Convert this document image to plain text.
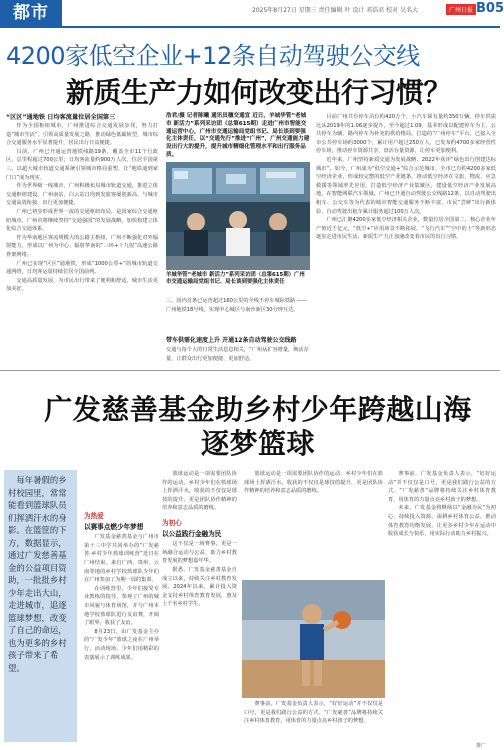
都市	2025年8月27日 星期三 责任编辑 叶 设计 邓浩君 校对 吴名大	广州日报 B05
4200家低空企业+12条自动驾驶公交线
新质生产力如何改变出行习惯？
“区区”通地铁 日均客流量位居全国第三

作为全国枢纽城市，广州推进综合交通发展步伐，努力打造”城市生活”。引领高质量发展之路，推动绿色低碳转型，城市综合交通服务水平显著提升，居民出行日益便捷。

目前，广州已开通运营地铁线路19条，覆盖全市11个行政区，总里程超过700公里；日均客流量约900万人次，位居全国第三。以超大城市轨道交通系统引领城市格局重塑，让“地铁通到家门口”成为现实。

作为世界级一线城市，广州积极布局城市轨道交通，推进立体交通枢纽建设。广州南站、白云站日均到发旅客屡创新高，与城市交通高效衔接，出行更加便捷。

广州已初步形成世界一流的交通枢纽布局，是国家综合交通枢纽城市，广州市将继续坚持“交通强国”的发展战略，加快构建立体化综合交通体系。

作为华南地区客流规模大的公路主枢纽，广州不断强化对外辐射能力，形成以广州为中心、辐射华南的”三环+十九射”高速公路骨架网络。

广州已实现“区区”通地铁，形成“1000公里+”的城市轨道交通网络，日均客运量持续位居全国前列。

交通高质量发展，为市民出行带来了便利和舒适，城市生活更加美好。

浩君/摄 记者陈曦 通讯员穗交通宣 近日，羊城华管“老城市 新活力”系列采访团（总第615期）走进广州市智能交通运营中心，广州市交通运输局党组书记、局长谈到要强化主体责任，以“交通先行”推进“广州”，广州交通能力建设出行大的提升，提升城市精细化管理水平和出行服务品质。
羊城华管“老城市 新活力”系列采访团（总第615期）广州市交通运输局党组书记、局长谈到要强化主体责任
三，国内首条已运营超过160公里的全线不停车城际铁路 —— 广州地铁18号线，实现中心城区与南沙新区30分钟互达。
带车供需化速度上升 开通12条自动驾驶公交线路
交通与每个人的日常生活息息相关，“广州从扩容增量，焕活存量，让群众出行更加便捷、更加舒适。

目前广州共有停车泊位约420万个，小汽车保有量约350万辆。停车供需比从2019年的1.06逐步提升，至今超过1.09，基本形成以配建停车为主、公共停车为辅、路内停车为补充的供给格局。打造的“广州停车”平台，已接入全市公共停车场约3000个，累计用户超过250万人，已发布约4700多家经营性停车场。推动停车资源共享，盘活存量资源，让停车更加便利。

近年来，广州坚持新质交通为发展战略，2022年获评“绿色出行创建达标城市”。如今，广州成为“低空交通+”综合示范城市，全市已有约4200多家低空经济企业，形成较完整的低空产业链条。推动低空经济在文旅、物流、应急救援等领域率先应用，打造低空经济产业集聚区，建设低空经济产业发展高地。在智能网联汽车领域，广州已开通自动驾驶公交线路12条，以自动驾驶出租车、公交车等为代表的城市智能交通服务不断丰富，市民“尝鲜”出行新体验，自动驾驶出租车累计服务超过100万人次。

广州已汇聚4200多家低空经济相关企业，数量位居全国第二，核心企业年产值近千亿元，“低空+”应用场景不断拓展，“飞行汽车”“空中的士”等新形态逐步走进市民生活，新质生产力正加速改变着市民的出行习惯。

广发慈善基金助乡村少年跨越山海
逐梦篮球
每年暑假的乡村校园里，常常能看到篮球队员们挥洒汗水的身影。在篮筐的下方，数据显示，通过广发慈善基金的公益项目资助，一批批乡村少年走出大山，走进城市，追逐篮球梦想，改变了自己的命运，也为更多的乡村孩子带来了希望。
为热爱
以赛事点燃少年梦想

广发基金慈善基金与广州市第十三中学共同举办的“广发慈善·乡村少年篮球训练营”近日在广州结束。来自广西、贵州、云南等地的乡村学校篮球队少年们在广州参加了为期一周的集训。

在训练营里，少年们接受专业教练的指导，参观了广州的城市风貌与体育场馆，并与广州本地学校篮球队进行友谊赛，开阔了眼界，收获了友谊。

8月23日，由广发基金主办的“广发少年”篮球之夜在广州举行，活动现场，少年们用精彩的表演展示了训练成果。

篮球运动是一项需要团队协作的运动，乡村少年们在篮球场上挥洒汗水，收获的不仅仅是球技的提升，更是团队协作精神的培养和意志品质的磨练。

为初心
以公益践行金融为民

这不仅是一场赛事，更是一场融合运动与公益、助力乡村教育发展的梦想嘉年华。

据悉，广发基金慈善基金自成立以来，持续关注乡村教育发展。2024年以来，累计投入资金支持乡村体育教育发展，惠及上千名乡村学生。

篮球运动是一项需要团队协作的运动，乡村少年们在篮球场上挥洒汗水，收获的不仅仅是球技的提升，更是团队协作精神的培养和意志品质的磨练。

赛事前，广发基金负责人表示，“好好运动”并不仅仅是口号，更是我们践行公益的方式。“广发慈善”品牌将持续关注乡村体育教育，用体育的力量点亮乡村孩子的梦想。

赛事前，广发基金负责人表示，“好好运动”并不仅仅是口号，更是我们践行公益的方式。“广发慈善”品牌将持续关注乡村体育教育，用体育的力量点亮乡村孩子的梦想。

未来，广发基金将继续以“金融为民”为初心，持续投入资源，深耕乡村体育公益，推动体育教育均衡发展，让更多乡村少年在运动中收获成长与快乐，用实际行动助力乡村振兴。

推广
